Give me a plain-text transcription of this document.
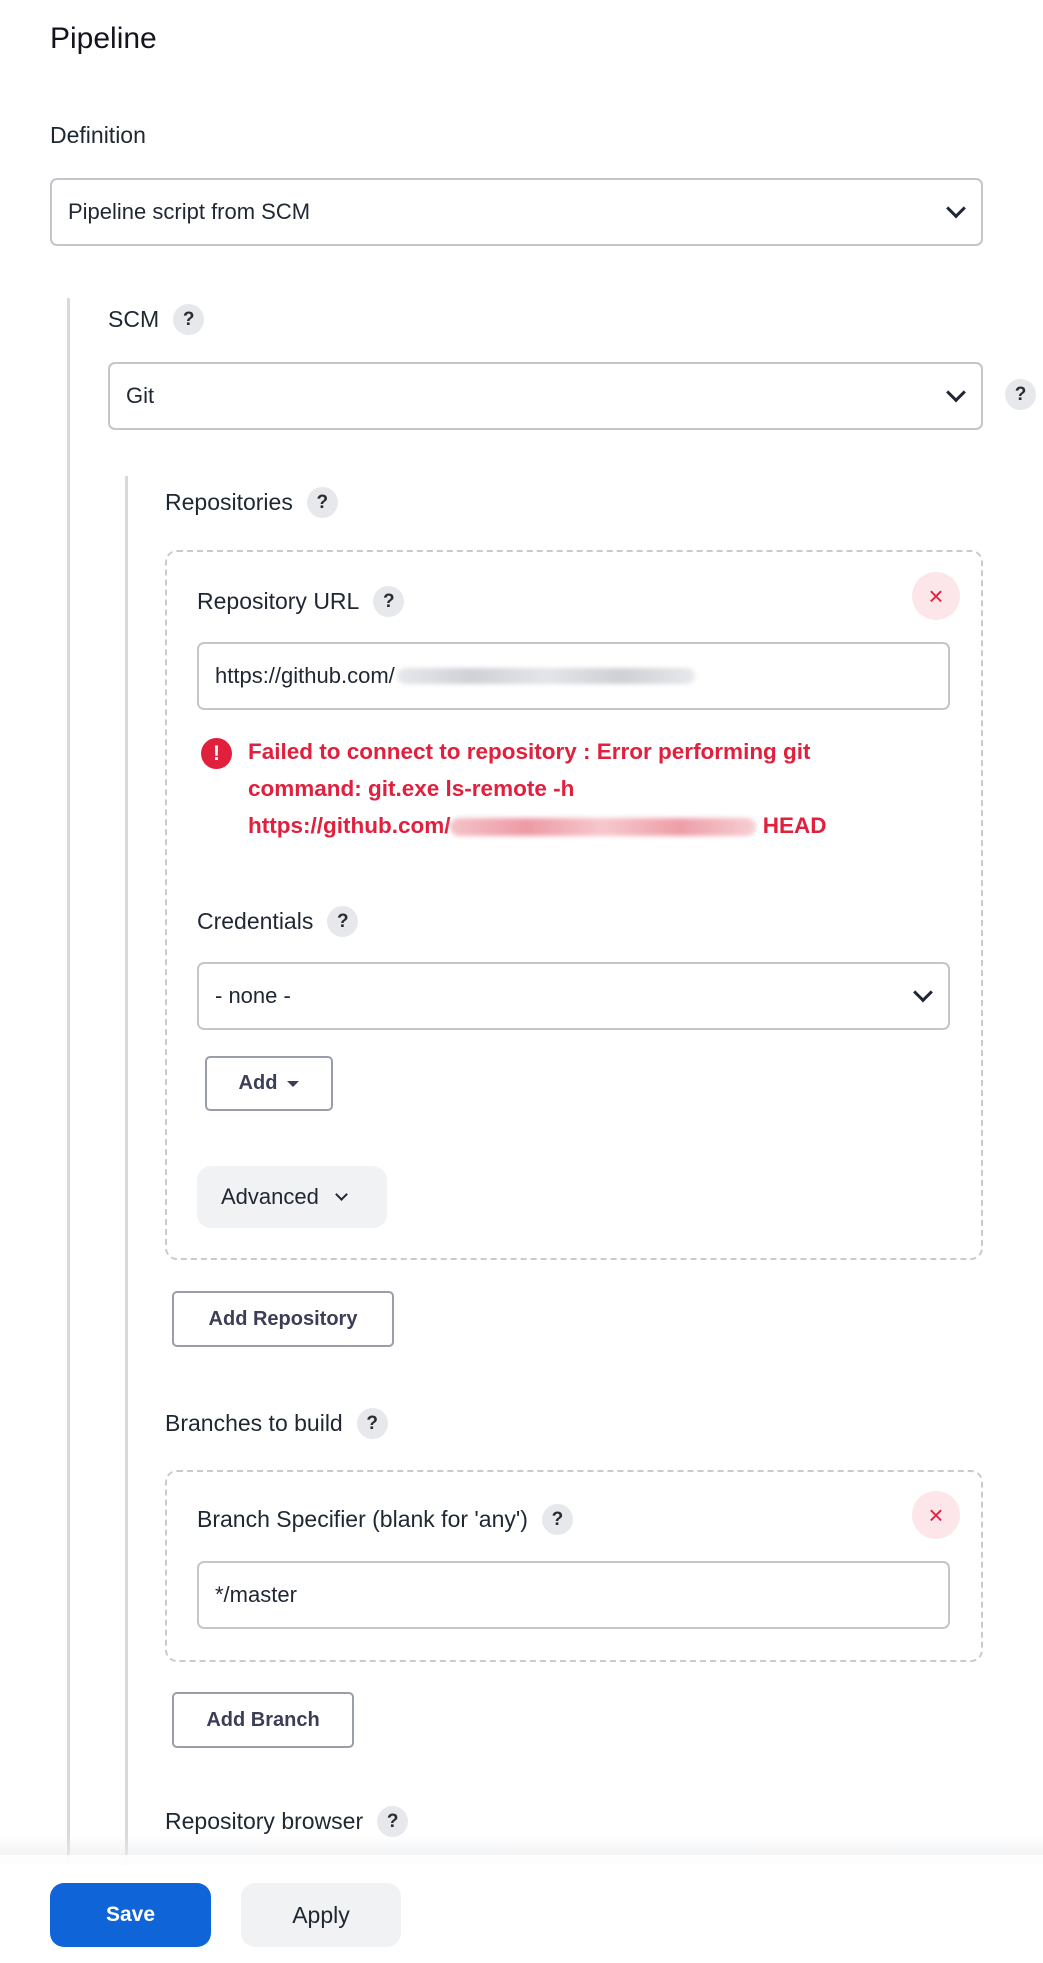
Pipeline
Definition
Pipeline script from SCM
SCM	?
Git	?
Repositories	?
×
Repository URL	?
https://github.com/
!	Failed to connect to repository : Error performing git
command: git.exe ls-remote -h
https://github.com/	HEAD
Credentials	?
- none -
Add
Advanced
Add Repository
Branches to build	?
×
Branch Specifier (blank for 'any')	?
*/master
Add Branch
Repository browser	?
Save	Apply
